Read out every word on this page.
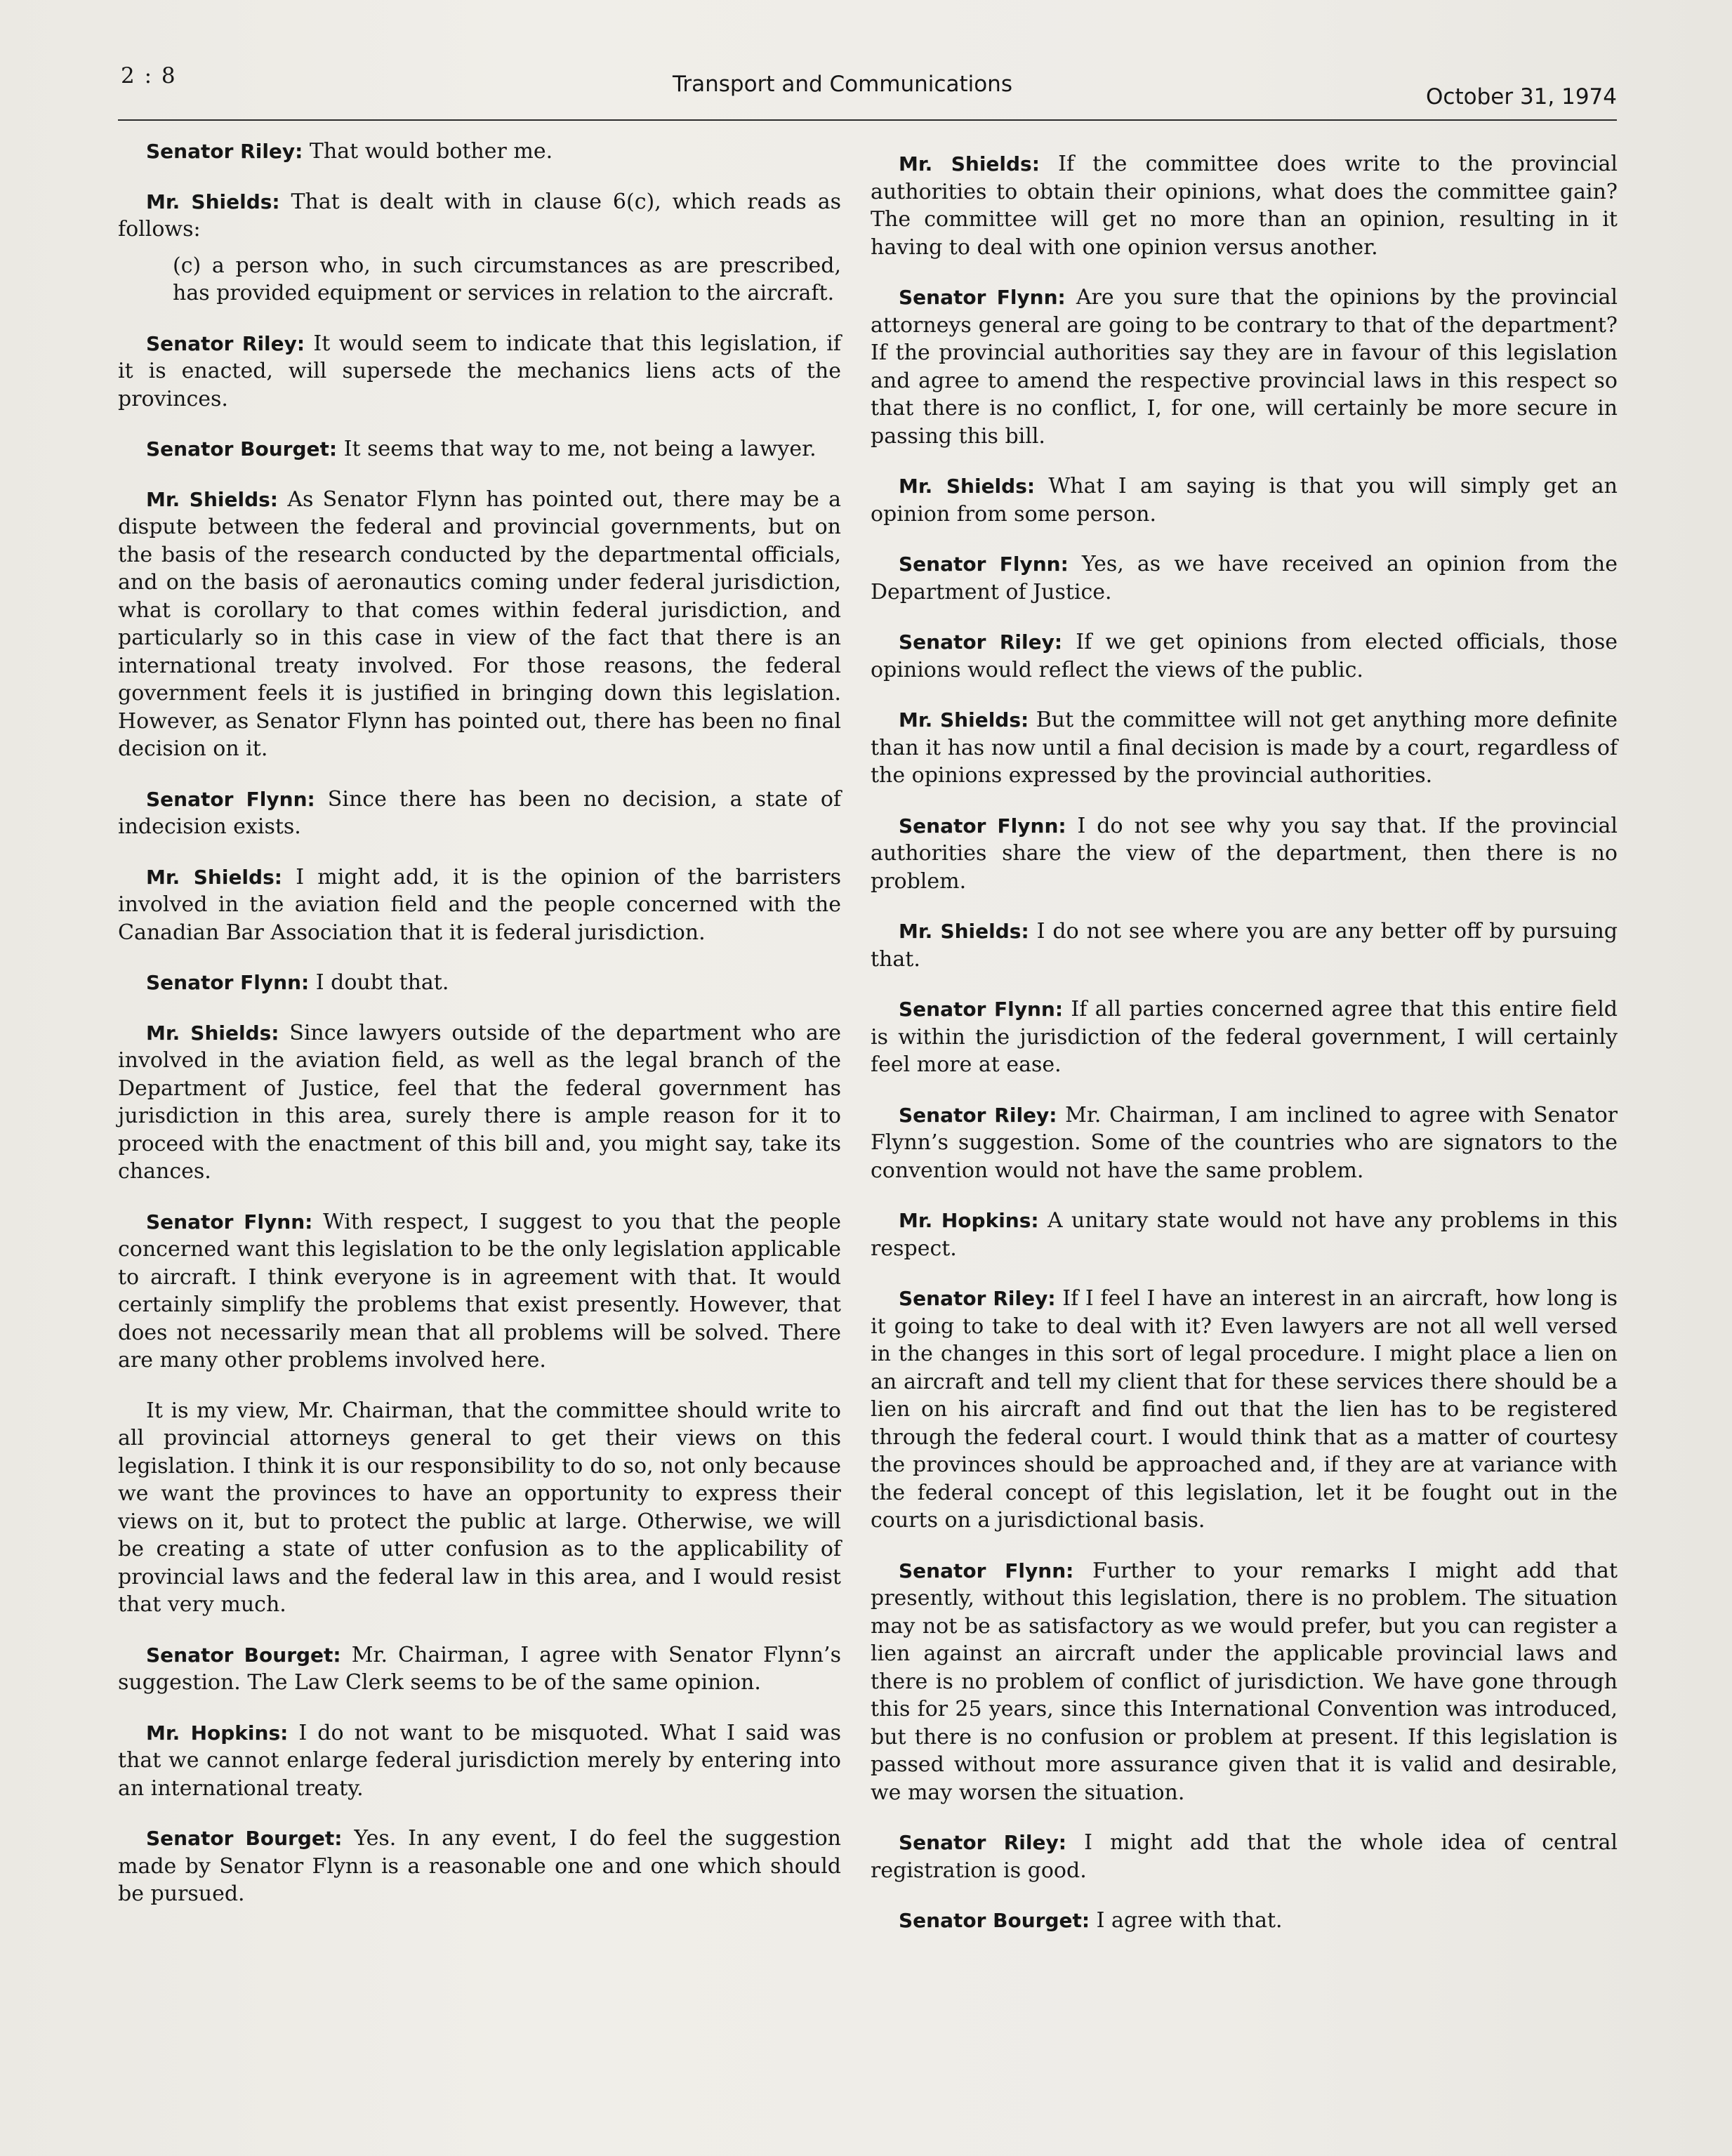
2 : 8	Transport and Communications	October 31, 1974

Senator Riley: That would bother me.

Mr. Shields: That is dealt with in clause 6(c), which reads as follows:

(c) a person who, in such circumstances as are prescribed, has provided equipment or services in relation to the aircraft.

Senator Riley: It would seem to indicate that this legislation, if it is enacted, will supersede the mechanics liens acts of the provinces.

Senator Bourget: It seems that way to me, not being a lawyer.

Mr. Shields: As Senator Flynn has pointed out, there may be a dispute between the federal and provincial governments, but on the basis of the research conducted by the departmental officials, and on the basis of aeronautics coming under federal jurisdiction, what is corollary to that comes within federal jurisdiction, and particularly so in this case in view of the fact that there is an international treaty involved. For those reasons, the federal government feels it is justified in bringing down this legislation. However, as Senator Flynn has pointed out, there has been no final decision on it.

Senator Flynn: Since there has been no decision, a state of indecision exists.

Mr. Shields: I might add, it is the opinion of the barristers involved in the aviation field and the people concerned with the Canadian Bar Association that it is federal jurisdiction.

Senator Flynn: I doubt that.

Mr. Shields: Since lawyers outside of the department who are involved in the aviation field, as well as the legal branch of the Department of Justice, feel that the federal government has jurisdiction in this area, surely there is ample reason for it to proceed with the enactment of this bill and, you might say, take its chances.

Senator Flynn: With respect, I suggest to you that the people concerned want this legislation to be the only legislation applicable to aircraft. I think everyone is in agreement with that. It would certainly simplify the problems that exist presently. However, that does not necessarily mean that all problems will be solved. There are many other problems involved here.

It is my view, Mr. Chairman, that the committee should write to all provincial attorneys general to get their views on this legislation. I think it is our responsibility to do so, not only because we want the provinces to have an opportunity to express their views on it, but to protect the public at large. Otherwise, we will be creating a state of utter confusion as to the applicability of provincial laws and the federal law in this area, and I would resist that very much.

Senator Bourget: Mr. Chairman, I agree with Senator Flynn’s suggestion. The Law Clerk seems to be of the same opinion.

Mr. Hopkins: I do not want to be misquoted. What I said was that we cannot enlarge federal jurisdiction merely by entering into an international treaty.

Senator Bourget: Yes. In any event, I do feel the suggestion made by Senator Flynn is a reasonable one and one which should be pursued.

Mr. Shields: If the committee does write to the provincial authorities to obtain their opinions, what does the committee gain? The committee will get no more than an opinion, resulting in it having to deal with one opinion versus another.

Senator Flynn: Are you sure that the opinions by the provincial attorneys general are going to be contrary to that of the department? If the provincial authorities say they are in favour of this legislation and agree to amend the respective provincial laws in this respect so that there is no conflict, I, for one, will certainly be more secure in passing this bill.

Mr. Shields: What I am saying is that you will simply get an opinion from some person.

Senator Flynn: Yes, as we have received an opinion from the Department of Justice.

Senator Riley: If we get opinions from elected officials, those opinions would reflect the views of the public.

Mr. Shields: But the committee will not get anything more definite than it has now until a final decision is made by a court, regardless of the opinions expressed by the provincial authorities.

Senator Flynn: I do not see why you say that. If the provincial authorities share the view of the department, then there is no problem.

Mr. Shields: I do not see where you are any better off by pursuing that.

Senator Flynn: If all parties concerned agree that this entire field is within the jurisdiction of the federal government, I will certainly feel more at ease.

Senator Riley: Mr. Chairman, I am inclined to agree with Senator Flynn’s suggestion. Some of the countries who are signators to the convention would not have the same problem.

Mr. Hopkins: A unitary state would not have any problems in this respect.

Senator Riley: If I feel I have an interest in an aircraft, how long is it going to take to deal with it? Even lawyers are not all well versed in the changes in this sort of legal procedure. I might place a lien on an aircraft and tell my client that for these services there should be a lien on his aircraft and find out that the lien has to be registered through the federal court. I would think that as a matter of courtesy the provinces should be approached and, if they are at variance with the federal concept of this legislation, let it be fought out in the courts on a jurisdictional basis.

Senator Flynn: Further to your remarks I might add that presently, without this legislation, there is no problem. The situation may not be as satisfactory as we would prefer, but you can register a lien against an aircraft under the applicable provincial laws and there is no problem of conflict of jurisdiction. We have gone through this for 25 years, since this International Convention was introduced, but there is no confusion or problem at present. If this legislation is passed without more assurance given that it is valid and desirable, we may worsen the situation.

Senator Riley: I might add that the whole idea of central registration is good.

Senator Bourget: I agree with that.
